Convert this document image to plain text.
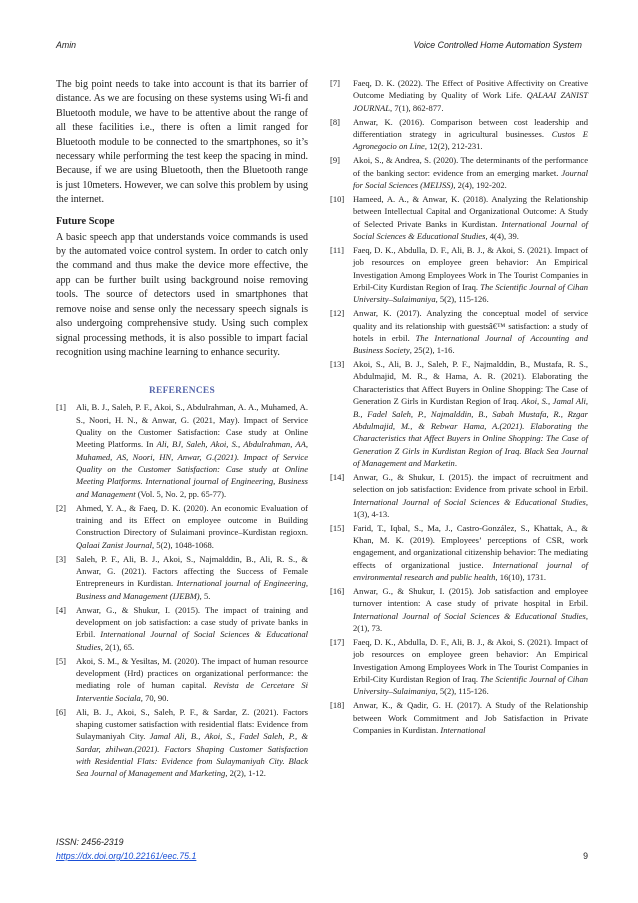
Amin	Voice Controlled Home Automation System

The big point needs to take into account is that its barrier of distance. As we are focusing on these systems using Wi-fi and Bluetooth module, we have to be attentive about the range of all these facilities i.e., there is often a limit ranged for Bluetooth module to be connected to the smartphones, so it’s necessary while performing the test keep the spacing in mind. Because, if we are using Bluetooth, then the Bluetooth range is just 10meters. However, we can solve this problem by using the internet.

Future Scope

A basic speech app that understands voice commands is used by the automated voice control system. In order to catch only the command and thus make the device more effective, the app can be further built using background noise removing tools. The source of detectors used in smartphones that remove noise and sense only the necessary speech signals is also undergoing comprehensive study. Using such complex signal processing methods, it is also possible to impart facial recognition using machine learning to enhance security.

REFERENCES
[1]	Ali, B. J., Saleh, P. F., Akoi, S., Abdulrahman, A. A., Muhamed, A. S., Noori, H. N., & Anwar, G. (2021, May). Impact of Service Quality on the Customer Satisfaction: Case study at Online Meeting Platforms. In Ali, BJ, Saleh, Akoi, S., Abdulrahman, AA, Muhamed, AS, Noori, HN, Anwar, G.(2021). Impact of Service Quality on the Customer Satisfaction: Case study at Online Meeting Platforms. International journal of Engineering, Business and Management (Vol. 5, No. 2, pp. 65-77).
[2]	Ahmed, Y. A., & Faeq, D. K. (2020). An economic Evaluation of training and its Effect on employee outcome in Building Construction Directory of Sulaimani province–Kurdistan regioxn. Qalaai Zanist Journal, 5(2), 1048-1068.
[3]	Saleh, P. F., Ali, B. J., Akoi, S., Najmalddin, B., Ali, R. S., & Anwar, G. (2021). Factors affecting the Success of Female Entrepreneurs in Kurdistan. International journal of Engineering, Business and Management (IJEBM), 5.
[4]	Anwar, G., & Shukur, I. (2015). The impact of training and development on job satisfaction: a case study of private banks in Erbil. International Journal of Social Sciences & Educational Studies, 2(1), 65.
[5]	Akoi, S. M., & Yesiltas, M. (2020). The impact of human resource development (Hrd) practices on organizational performance: the mediating role of human capital. Revista de Cercetare Si Interventie Sociala, 70, 90.
[6]	Ali, B. J., Akoi, S., Saleh, P. F., & Sardar, Z. (2021). Factors shaping customer satisfaction with residential flats: Evidence from Sulaymaniyah City. Jamal Ali, B., Akoi, S., Fadel Saleh, P., & Sardar, zhilwan.(2021). Factors Shaping Customer Satisfaction with Residential Flats: Evidence from Sulaymaniyah City. Black Sea Journal of Management and Marketing, 2(2), 1-12.
[7]	Faeq, D. K. (2022). The Effect of Positive Affectivity on Creative Outcome Mediating by Quality of Work Life. QALAAI ZANIST JOURNAL, 7(1), 862-877.
[8]	Anwar, K. (2016). Comparison between cost leadership and differentiation strategy in agricultural businesses. Custos E Agronegocio on Line, 12(2), 212-231.
[9]	Akoi, S., & Andrea, S. (2020). The determinants of the performance of the banking sector: evidence from an emerging market. Journal for Social Sciences (MEIJSS), 2(4), 192-202.
[10]	Hameed, A. A., & Anwar, K. (2018). Analyzing the Relationship between Intellectual Capital and Organizational Outcome: A Study of Selected Private Banks in Kurdistan. International Journal of Social Sciences & Educational Studies, 4(4), 39.
[11]	Faeq, D. K., Abdulla, D. F., Ali, B. J., & Akoi, S. (2021). Impact of job resources on employee green behavior: An Empirical Investigation Among Employees Work in The Tourist Companies in Erbil-City Kurdistan Region of Iraq. The Scientific Journal of Cihan University–Sulaimaniya, 5(2), 115-126.
[12]	Anwar, K. (2017). Analyzing the conceptual model of service quality and its relationship with guestsâ€™ satisfaction: a study of hotels in erbil. The International Journal of Accounting and Business Society, 25(2), 1-16.
[13]	Akoi, S., Ali, B. J., Saleh, P. F., Najmalddin, B., Mustafa, R. S., Abdulmajid, M. R., & Hama, A. R. (2021). Elaborating the Characteristics that Affect Buyers in Online Shopping: The Case of Generation Z Girls in Kurdistan Region of Iraq. Akoi, S., Jamal Ali, B., Fadel Saleh, P., Najmalddin, B., Sabah Mustafa, R., Rzgar Abdulmajid, M., & Rebwar Hama, A.(2021). Elaborating the Characteristics that Affect Buyers in Online Shopping: The Case of Generation Z Girls in Kurdistan Region of Iraq. Black Sea Journal of Management and Marketin.
[14]	Anwar, G., & Shukur, I. (2015). the impact of recruitment and selection on job satisfaction: Evidence from private school in Erbil. International Journal of Social Sciences & Educational Studies, 1(3), 4-13.
[15]	Farid, T., Iqbal, S., Ma, J., Castro-González, S., Khattak, A., & Khan, M. K. (2019). Employees’ perceptions of CSR, work engagement, and organizational citizenship behavior: The mediating effects of organizational justice. International journal of environmental research and public health, 16(10), 1731.
[16]	Anwar, G., & Shukur, I. (2015). Job satisfaction and employee turnover intention: A case study of private hospital in Erbil. International Journal of Social Sciences & Educational Studies, 2(1), 73.
[17]	Faeq, D. K., Abdulla, D. F., Ali, B. J., & Akoi, S. (2021). Impact of job resources on employee green behavior: An Empirical Investigation Among Employees Work in The Tourist Companies in Erbil-City Kurdistan Region of Iraq. The Scientific Journal of Cihan University–Sulaimaniya, 5(2), 115-126.
[18]	Anwar, K., & Qadir, G. H. (2017). A Study of the Relationship between Work Commitment and Job Satisfaction in Private Companies in Kurdistan. International
ISSN: 2456-2319
https://dx.doi.org/10.22161/eec.75.1	9
